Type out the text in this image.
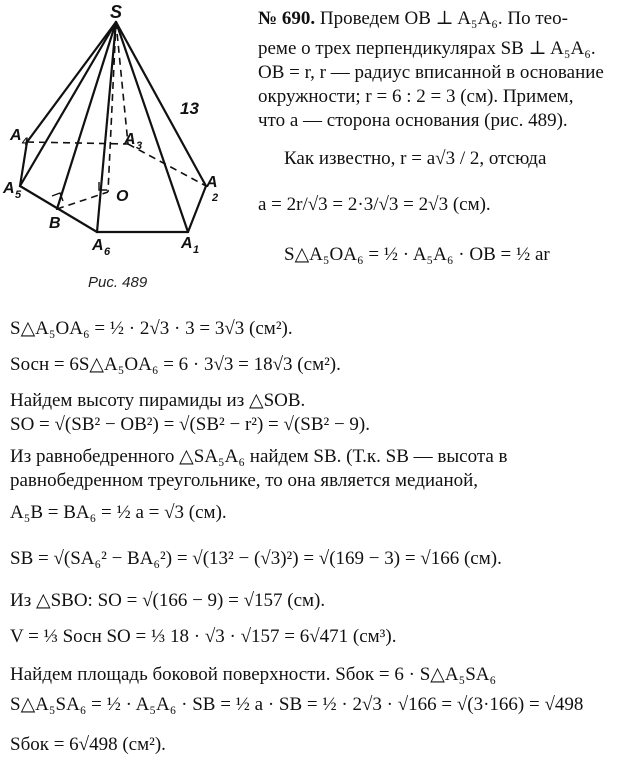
S
13
A 4	A 3
A 5	O
A
2
B
A 6	A 1
Рис. 489
№ 690. Проведем OB ⊥ A₅A₆. По тео-
реме о трех перпендикулярах SB ⊥ A₅A₆.
OB = r, r — радиус вписанной в основание
окружности; r = 6 : 2 = 3 (см). Примем,
что a — сторона основания (рис. 489).
Как известно, r = a√3 / 2, отсюда
a = 2r/√3 = 2·3/√3 = 2√3 (см).
S△A₅OA₆ = ½ · A₅A₆ · OB = ½ ar
S△A₅OA₆ = ½ · 2√3 · 3 = 3√3 (см²).
Sосн = 6S△A₅OA₆ = 6 · 3√3 = 18√3 (см²).
Найдем высоту пирамиды из △SOB.
SO = √(SB² − OB²) = √(SB² − r²) = √(SB² − 9).
Из равнобедренного △SA₅A₆ найдем SB. (Т.к. SB — высота в
равнобедренном треугольнике, то она является медианой,
A₅B = BA₆ = ½ a = √3 (см).
SB = √(SA₆² − BA₆²) = √(13² − (√3)²) = √(169 − 3) = √166 (см).
Из △SBO: SO = √(166 − 9) = √157 (см).
V = ⅓ Sосн SO = ⅓ 18 · √3 · √157 = 6√471 (см³).
Найдем площадь боковой поверхности. Sбок = 6 · S△A₅SA₆
S△A₅SA₆ = ½ · A₅A₆ · SB = ½ a · SB = ½ · 2√3 · √166 = √(3·166) = √498
Sбок = 6√498 (см²).
